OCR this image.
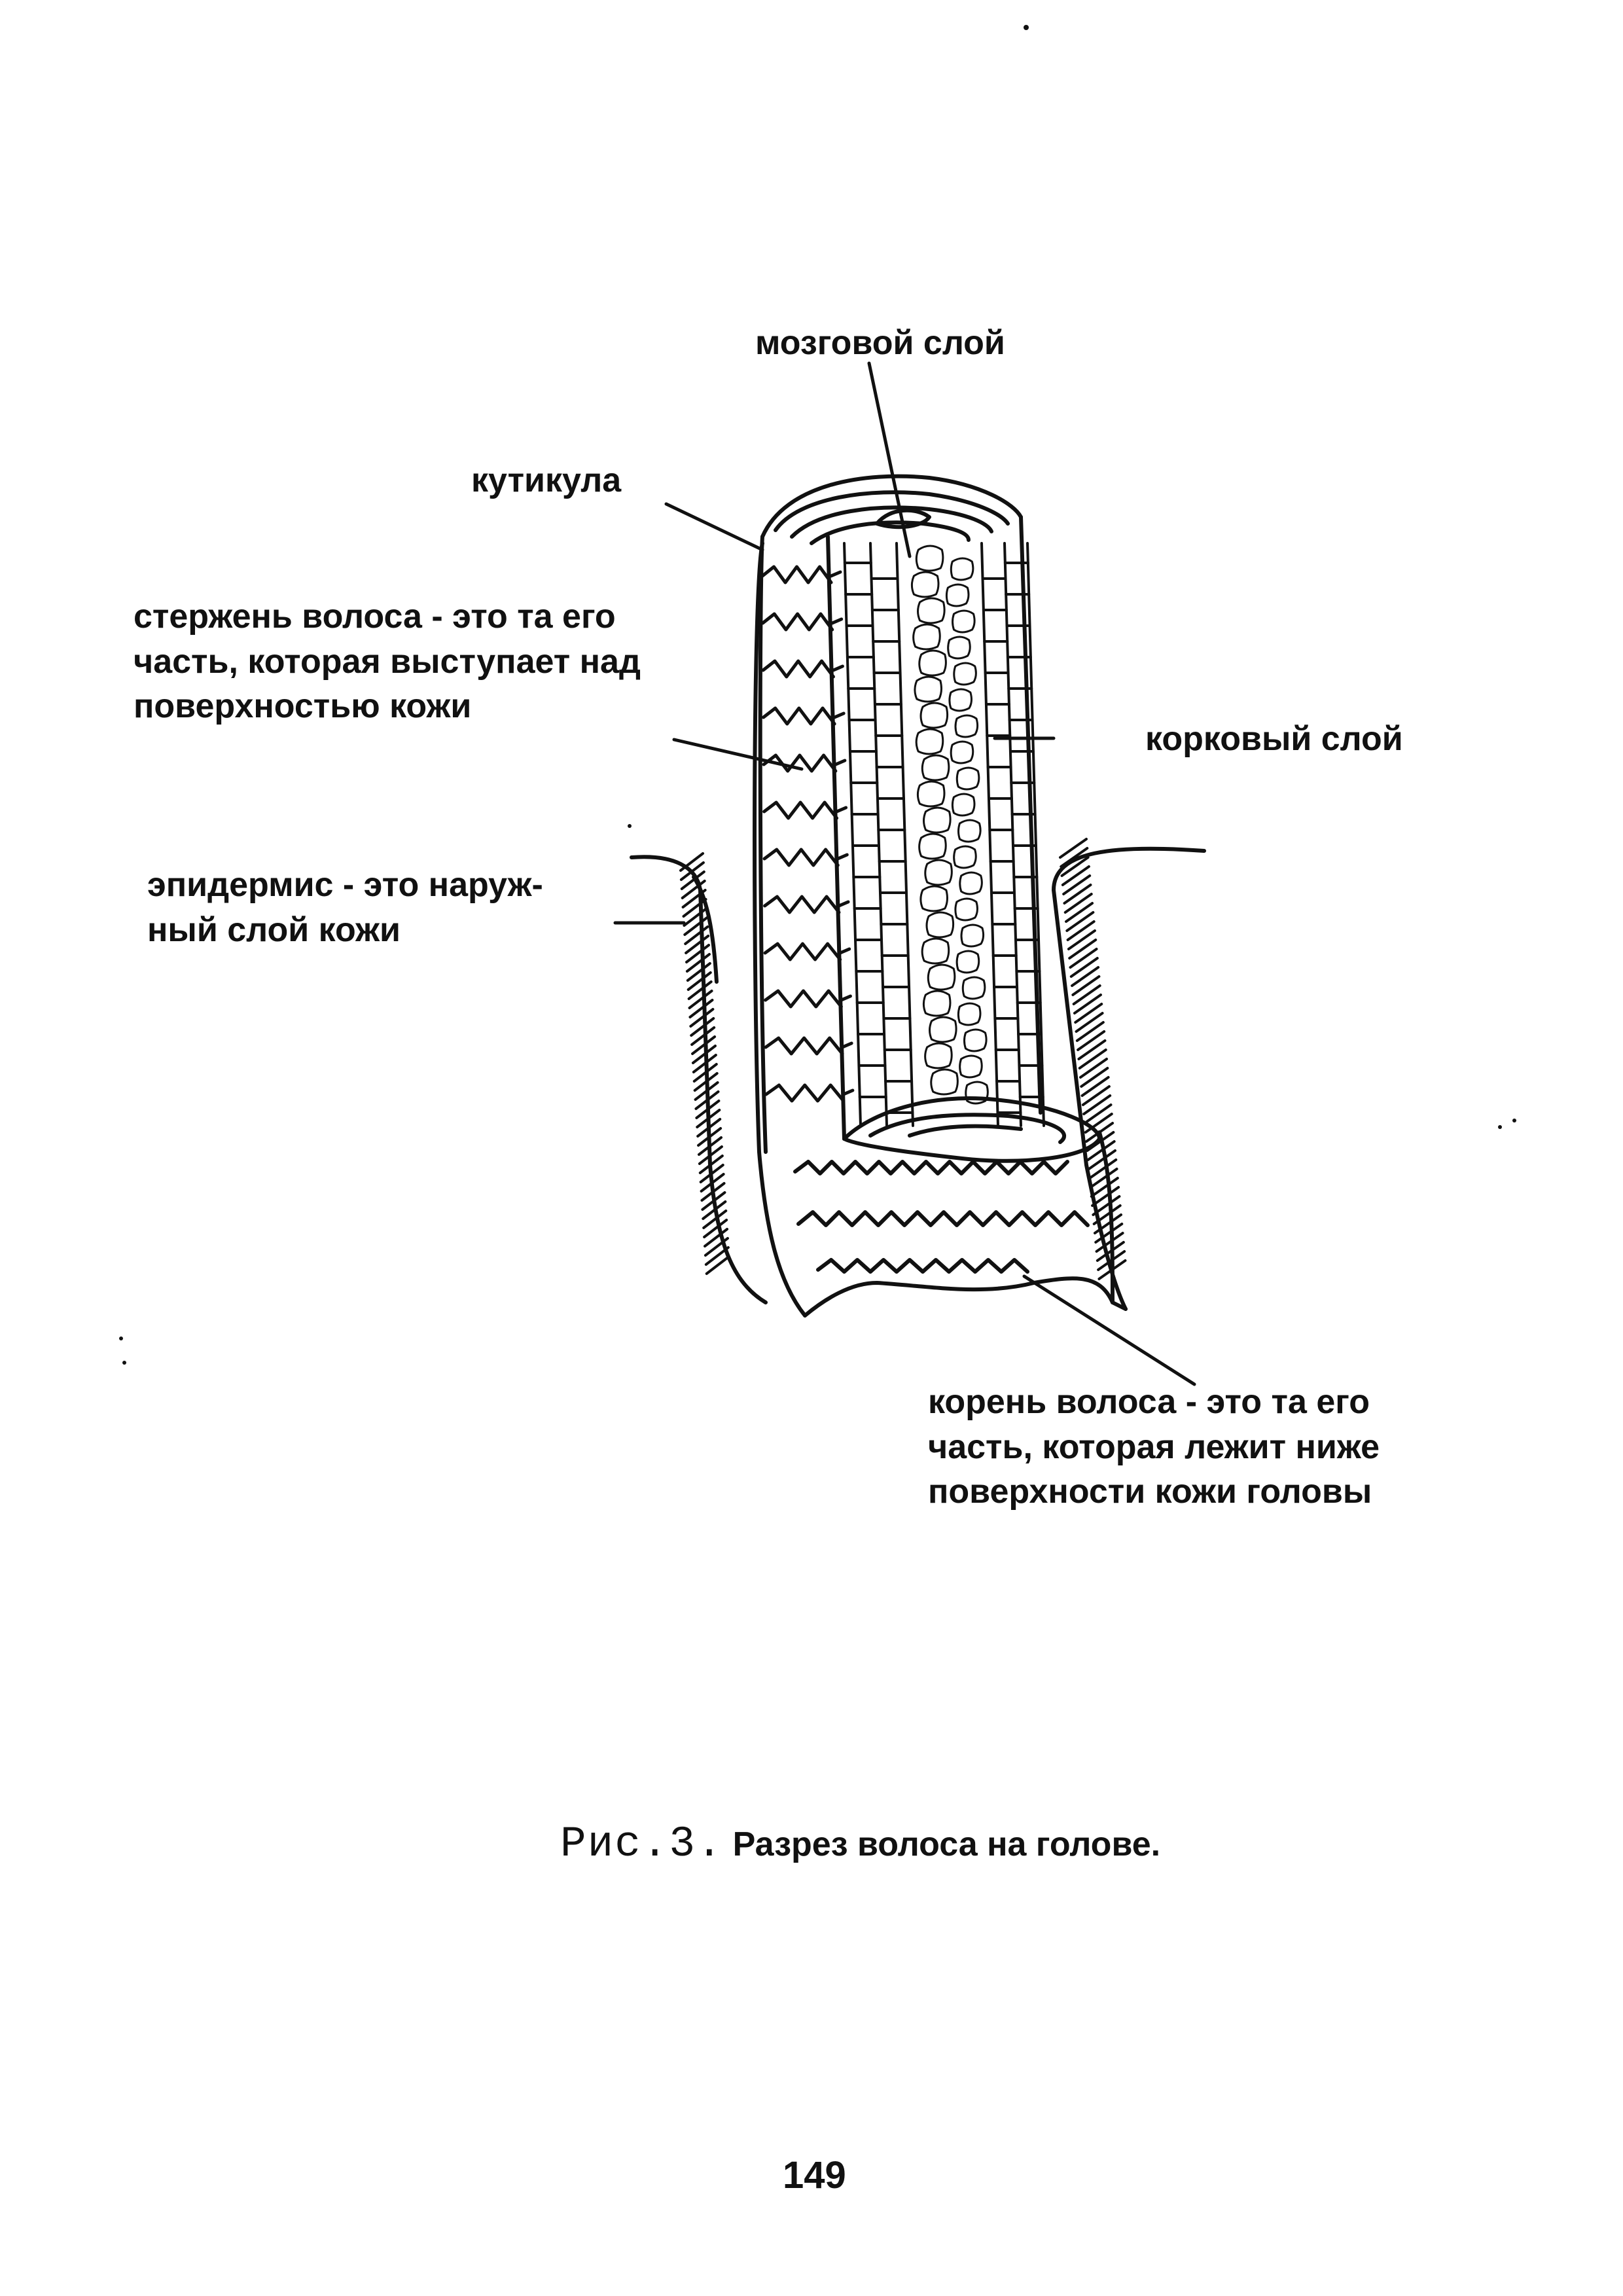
мозговой слой
кутикула
стержень волоса - это та его
часть, которая выступает над
поверхностью кожи
корковый слой
эпидермис - это наруж-
ный слой кожи
корень волоса - это та его
часть, которая лежит ниже
поверхности кожи головы
Рис.3. Разрез волоса на голове.
149
